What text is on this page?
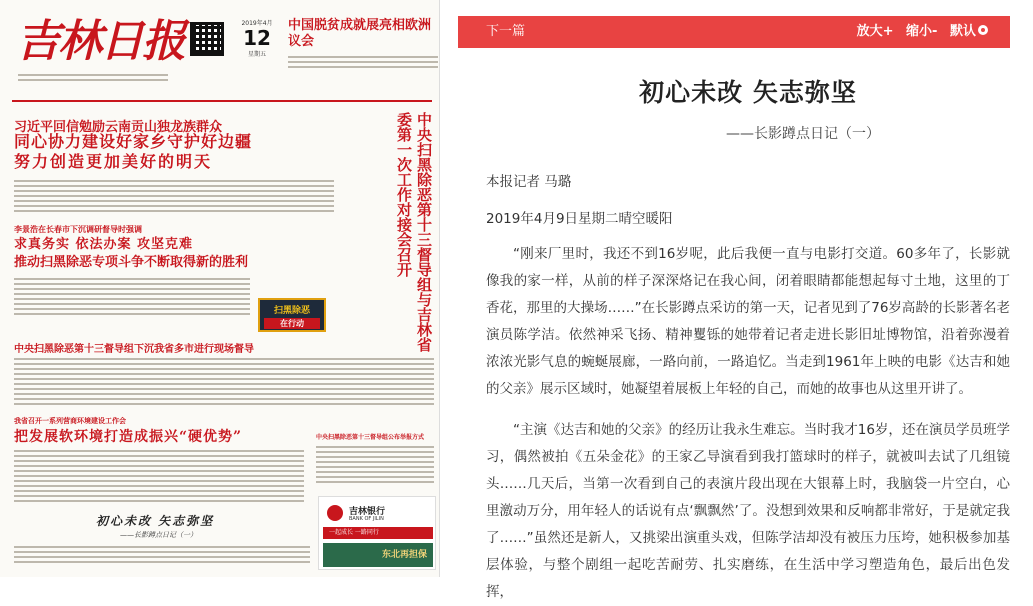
吉林日报	2019年4月
12
星期五
中国脱贫成就展亮相欧洲议会
习近平回信勉励云南贡山独龙族群众
同心协力建设好家乡守护好边疆
努力创造更加美好的明天	中央扫黑除恶第十三督导组与吉林省委第一次工作对接会召开
李景浩在长春市下沉调研督导时强调
求真务实 依法办案 攻坚克难
推动扫黑除恶专项斗争不断取得新的胜利
扫黑除恶
在行动
中央扫黑除恶第十三督导组下沉我省多市进行现场督导
我省召开一系列营商环境建设工作会
把发展软环境打造成振兴“硬优势”	中央扫黑除恶第十三督导组公布举报方式
初心未改 矢志弥坚
——长影蹲点日记（一）
吉林银行
BANK OF JILIN
一起成长 一路同行
东北再担保
下一篇	放大+ 缩小- 默认
初心未改 矢志弥坚
——长影蹲点日记（一）
本报记者 马璐
2019年4月9日星期二晴空暖阳

“刚来厂里时，我还不到16岁呢，此后我便一直与电影打交道。60多年了，长影就像我的家一样，从前的样子深深烙记在我心间，闭着眼睛都能想起每寸土地，这里的丁香花，那里的大操场……”在长影蹲点采访的第一天，记者见到了76岁高龄的长影著名老演员陈学洁。依然神采飞扬、精神矍铄的她带着记者走进长影旧址博物馆，沿着弥漫着浓浓光影气息的蜿蜒展廊，一路向前，一路追忆。当走到1961年上映的电影《达吉和她的父亲》展示区域时，她凝望着展板上年轻的自己，而她的故事也从这里开讲了。

“主演《达吉和她的父亲》的经历让我永生难忘。当时我才16岁，还在演员学员班学习，偶然被拍《五朵金花》的王家乙导演看到我打篮球时的样子，就被叫去试了几组镜头……几天后，当第一次看到自己的表演片段出现在大银幕上时，我脑袋一片空白，心里激动万分，用年轻人的话说有点‘飘飘然’了。没想到效果和反响都非常好，于是就定我了……”虽然还是新人，又挑梁出演重头戏，但陈学洁却没有被压力压垮，她积极参加基层体验，与整个剧组一起吃苦耐劳、扎实磨练，在生活中学习塑造角色，最后出色发挥，
